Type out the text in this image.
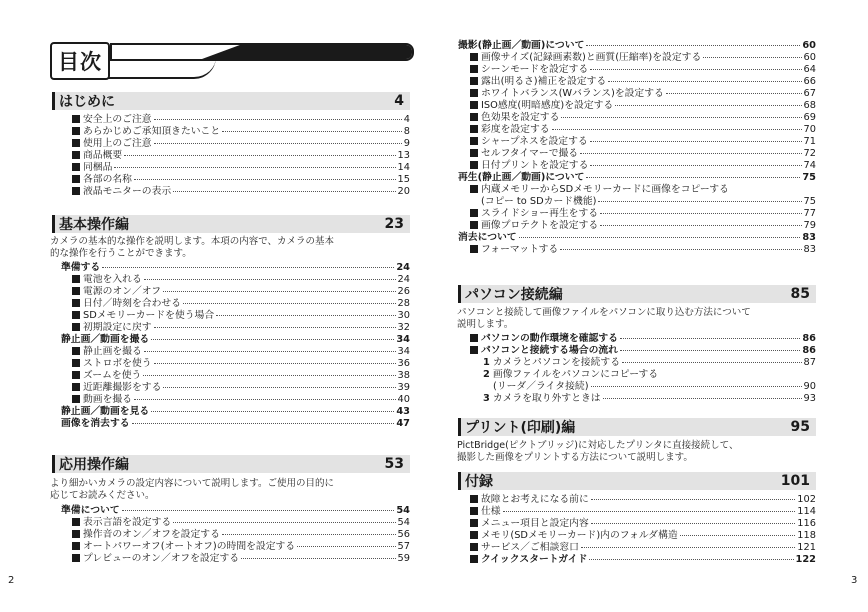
目次
はじめに	4
安全上のご注意	4
あらかじめご承知頂きたいこと	8
使用上のご注意	9
商品概要	13
同梱品	14
各部の名称	15
液晶モニターの表示	20
基本操作編	23
カメラの基本的な操作を説明します。本項の内容で、カメラの基本
的な操作を行うことができます。
準備する	24
電池を入れる	24
電源のオン／オフ	26
日付／時刻を合わせる	28
SDメモリーカードを使う場合	30
初期設定に戻す	32
静止画／動画を撮る	34
静止画を撮る	34
ストロボを使う	36
ズームを使う	38
近距離撮影をする	39
動画を撮る	40
静止画／動画を見る	43
画像を消去する	47
応用操作編	53
より細かいカメラの設定内容について説明します。ご使用の目的に
応じてお読みください。
準備について	54
表示言語を設定する	54
操作音のオン／オフを設定する	56
オートパワーオフ(オートオフ)の時間を設定する	57
プレビューのオン／オフを設定する	59
撮影(静止画／動画)について	60
画像サイズ(記録画素数)と画質(圧縮率)を設定する	60
シーンモードを設定する	64
露出(明るさ)補正を設定する	66
ホワイトバランス(Wバランス)を設定する	67
ISO感度(明暗感度)を設定する	68
色効果を設定する	69
彩度を設定する	70
シャープネスを設定する	71
セルフタイマーで撮る	72
日付プリントを設定する	74
再生(静止画／動画)について	75
内蔵メモリーからSDメモリーカードに画像をコピーする
(コピー to SDカード機能)	75
スライドショー再生をする	77
画像プロテクトを設定する	79
消去について	83
フォーマットする	83
パソコン接続編	85
パソコンと接続して画像ファイルをパソコンに取り込む方法について
説明します。
パソコンの動作環境を確認する	86
パソコンと接続する場合の流れ	86
1 カメラとパソコンを接続する	87
2 画像ファイルをパソコンにコピーする
(リーダ／ライタ接続)	90
3 カメラを取り外すときは	93
プリント(印刷)編	95
PictBridge(ピクトブリッジ)に対応したプリンタに直接接続して、
撮影した画像をプリントする方法について説明します。
付録	101
故障とお考えになる前に	102
仕様	114
メニュー項目と設定内容	116
メモリ(SDメモリーカード)内のフォルダ構造	118
サービス／ご相談窓口	121
クイックスタートガイド	122
2	3
